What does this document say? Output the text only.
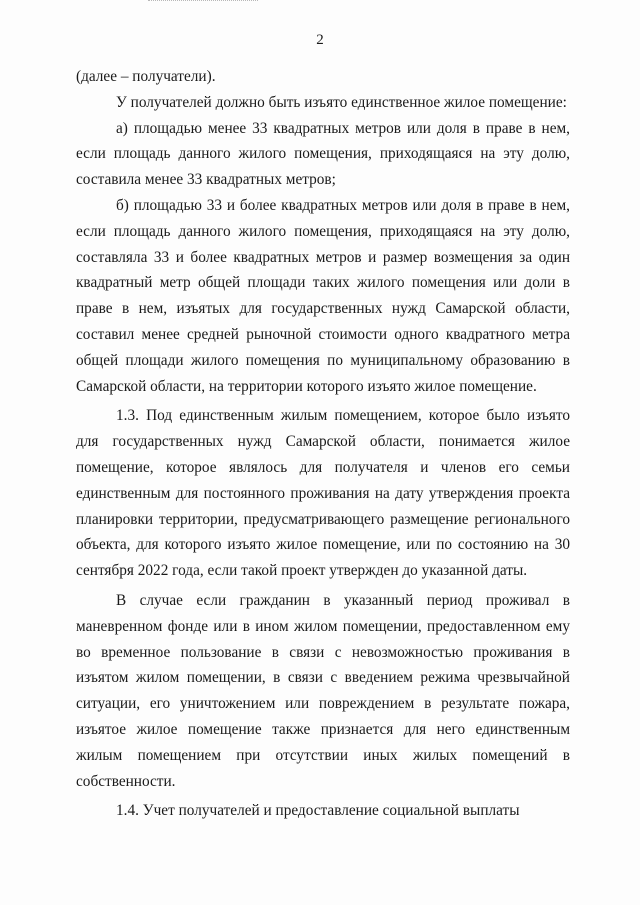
2

(далее – получатели).

У получателей должно быть изъято единственное жилое помещение:

а) площадью менее 33 квадратных метров или доля в праве в нем, если площадь данного жилого помещения, приходящаяся на эту долю, составила менее 33 квадратных метров;

б) площадью 33 и более квадратных метров или доля в праве в нем, если площадь данного жилого помещения, приходящаяся на эту долю, составляла 33 и более квадратных метров и размер возмещения за один квадратный метр общей площади таких жилого помещения или доли в праве в нем, изъятых для государственных нужд Самарской области, составил менее средней рыночной стоимости одного квадратного метра общей площади жилого помещения по муниципальному образованию в Самарской области, на территории которого изъято жилое помещение.

1.3. Под единственным жилым помещением, которое было изъято для государственных нужд Самарской области, понимается жилое помещение, которое являлось для получателя и членов его семьи единственным для постоянного проживания на дату утверждения проекта планировки территории, предусматривающего размещение регионального объекта, для которого изъято жилое помещение, или по состоянию на 30 сентября 2022 года, если такой проект утвержден до указанной даты.

В случае если гражданин в указанный период проживал в маневренном фонде или в ином жилом помещении, предоставленном ему во временное пользование в связи с невозможностью проживания в изъятом жилом помещении, в связи с введением режима чрезвычайной ситуации, его уничтожением или повреждением в результате пожара, изъятое жилое помещение также признается для него единственным жилым помещением при отсутствии иных жилых помещений в собственности.

1.4. Учет получателей и предоставление социальной выплаты
